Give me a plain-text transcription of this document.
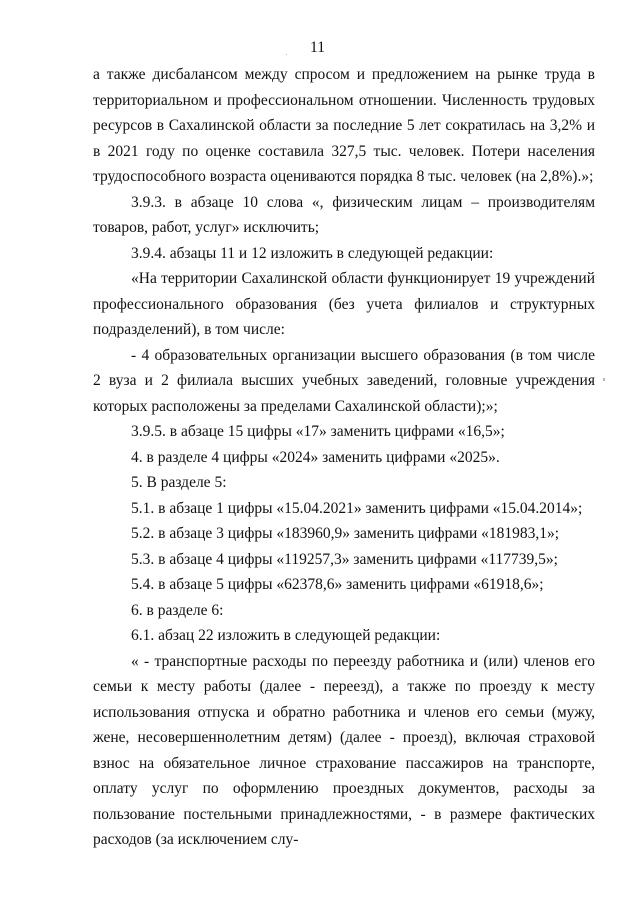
11

а также дисбалансом между спросом и предложением на рынке труда в территориальном и профессиональном отношении. Численность трудовых ресурсов в Сахалинской области за последние 5 лет сократилась на 3,2% и в 2021 году по оценке составила 327,5 тыс. человек. Потери населения трудоспособного возраста оцениваются порядка 8 тыс. человек (на 2,8%).»;

3.9.3. в абзаце 10 слова «, физическим лицам – производителям товаров, работ, услуг» исключить;

3.9.4. абзацы 11 и 12 изложить в следующей редакции:

«На территории Сахалинской области функционирует 19 учреждений профессионального образования (без учета филиалов и структурных подразделений), в том числе:

- 4 образовательных организации высшего образования (в том числе 2 вуза и 2 филиала высших учебных заведений, головные учреждения которых расположены за пределами Сахалинской области);»;

3.9.5. в абзаце 15 цифры «17» заменить цифрами «16,5»;

4. в разделе 4 цифры «2024» заменить цифрами «2025».

5. В разделе 5:

5.1. в абзаце 1 цифры «15.04.2021» заменить цифрами «15.04.2014»;

5.2. в абзаце 3 цифры «183960,9» заменить цифрами «181983,1»;

5.3. в абзаце 4 цифры «119257,3» заменить цифрами «117739,5»;

5.4. в абзаце 5 цифры «62378,6» заменить цифрами «61918,6»;

6. в разделе 6:

6.1. абзац 22 изложить в следующей редакции:

« - транспортные расходы по переезду работника и (или) членов его семьи к месту работы (далее - переезд), а также по проезду к месту использования отпуска и обратно работника и членов его семьи (мужу, жене, несовершеннолетним детям) (далее - проезд), включая страховой взнос на обязательное личное страхование пассажиров на транспорте, оплату услуг по оформлению проездных документов, расходы за пользование постельными принадлежностями, - в размере фактических расходов (за исключением слу-
